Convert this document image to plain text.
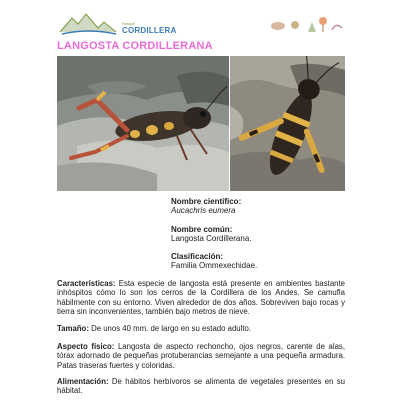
Parque
CORDILLERA
LANGOSTA CORDILLERANA
Nombre científico:
Aucachris eumera
Nombre común:
Langosta Cordillerana.
Clasificación:
Familia Ommexechidae.

Características: Esta especie de langosta está presente en ambientes bastante inhóspitos cómo lo son los cerros de la Cordillera de los Andes. Se camufla hábilmente con su entorno. Viven alrededor de dos años. Sobreviven bajo rocas y tierra sin inconvenientes, también bajo metros de nieve.

Tamaño: De unos 40 mm. de largo en su estado adulto.

Aspecto físico: Langosta de aspecto rechoncho, ojos negros, carente de alas, tórax adornado de pequeñas protuberancias semejante a una pequeña armadura. Patas traseras fuertes y coloridas.

Alimentación: De hábitos herbívoros se alimenta de vegetales presentes en su hábitat.
